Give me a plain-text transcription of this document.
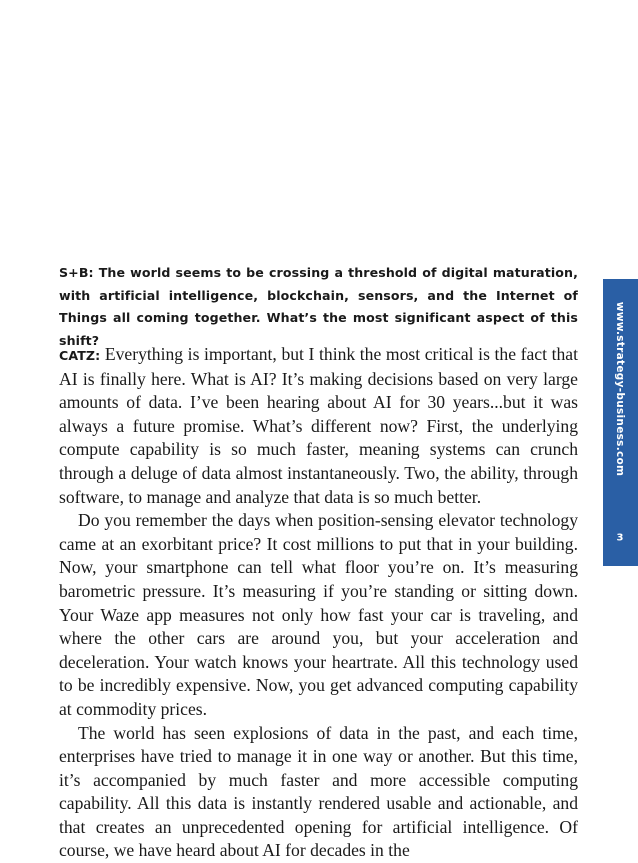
S+B: The world seems to be crossing a threshold of digital maturation, with artificial intelligence, blockchain, sensors, and the Internet of Things all coming together. What’s the most significant aspect of this shift?

CATZ: Everything is important, but I think the most critical is the fact that AI is finally here. What is AI? It’s making decisions based on very large amounts of data. I’ve been hearing about AI for 30 years...but it was always a future promise. What’s different now? First, the underlying compute capability is so much faster, meaning systems can crunch through a deluge of data almost instantaneously. Two, the ability, through software, to manage and analyze that data is so much better.

Do you remember the days when position-sensing elevator technology came at an exorbitant price? It cost millions to put that in your building. Now, your smartphone can tell what floor you’re on. It’s measuring barometric pressure. It’s measuring if you’re standing or sitting down. Your Waze app measures not only how fast your car is traveling, and where the other cars are around you, but your acceleration and deceleration. Your watch knows your heartrate. All this technology used to be incredibly expensive. Now, you get advanced computing capability at commodity prices.

The world has seen explosions of data in the past, and each time, enterprises have tried to manage it in one way or another. But this time, it’s accompanied by much faster and more accessible computing capability. All this data is instantly rendered usable and actionable, and that creates an unprecedented opening for artificial intelligence. Of course, we have heard about AI for decades in the

www.strategy-business.com
3
